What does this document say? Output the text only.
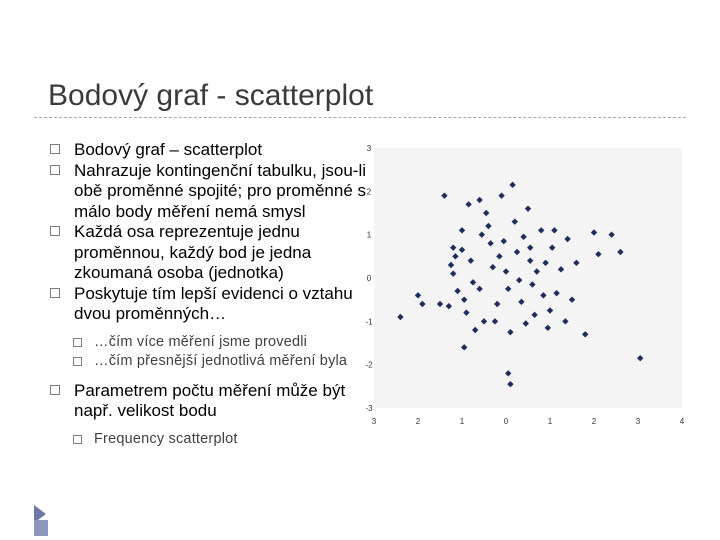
Bodový graf - scatterplot
Bodový graf – scatterplot
Nahrazuje kontingenční tabulku, jsou-li obě proměnné spojité; pro proměnné s málo body měření nemá smysl
Každá osa reprezentuje jednu proměnnou, každý bod je jedna zkoumaná osoba (jednotka)
Poskytuje tím lepší evidenci o vztahu dvou proměnných…
…čím více měření jsme provedli
…čím přesnější jednotlivá měření byla
Parametrem počtu měření může být např. velikost bodu
Frequency scatterplot
3
2
1
0
-1
-2
-3
3	2	1	0	1	2	3	4
